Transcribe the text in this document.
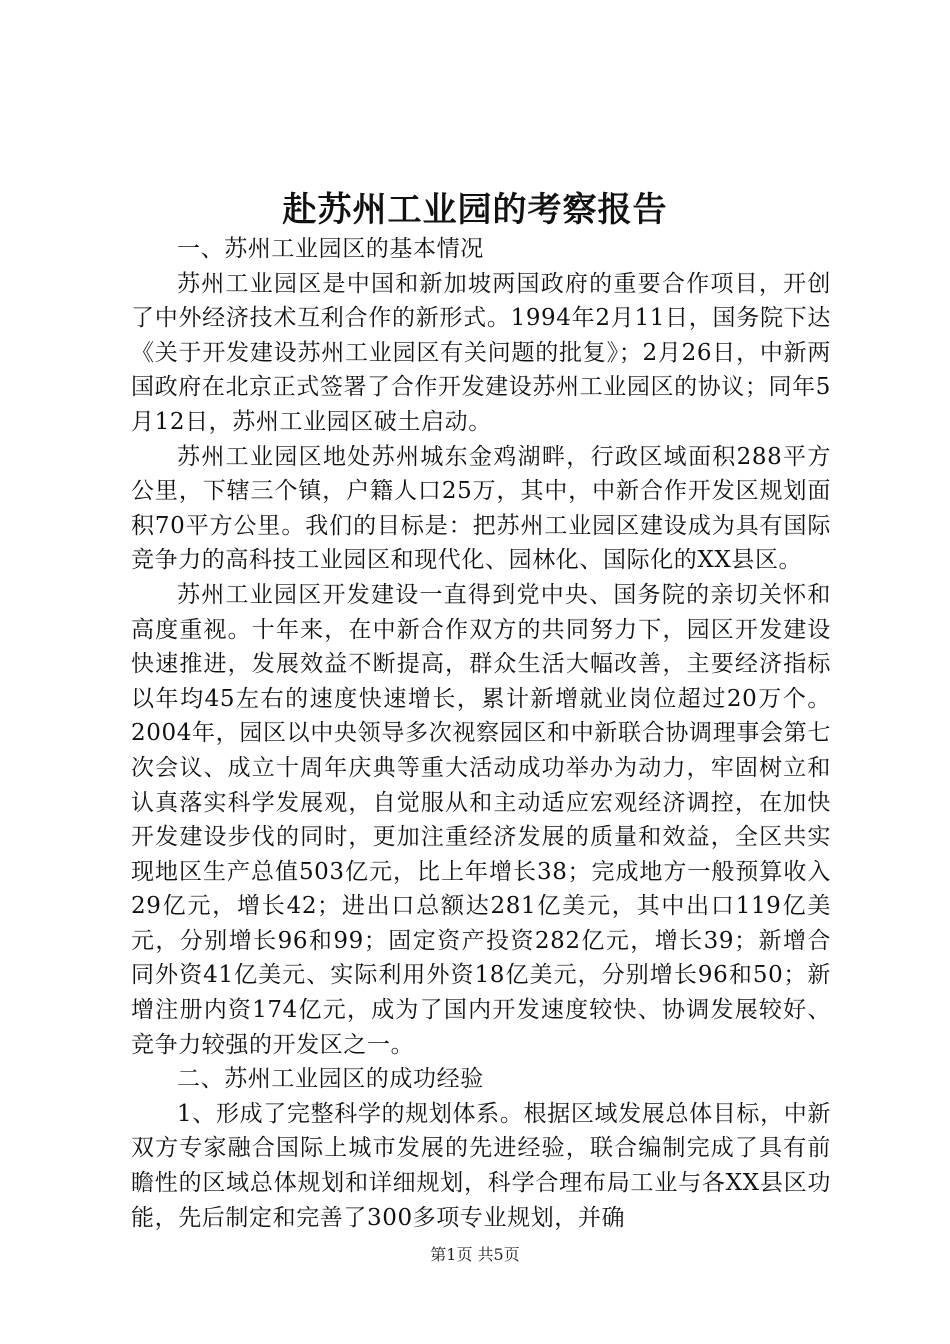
赴苏州工业园的考察报告

一、苏州工业园区的基本情况

苏州工业园区是中国和新加坡两国政府的重要合作项目，开创了中外经济技术互利合作的新形式。1994年2月11日，国务院下达《关于开发建设苏州工业园区有关问题的批复》；2月26日，中新两国政府在北京正式签署了合作开发建设苏州工业园区的协议；同年5月12日，苏州工业园区破土启动。

苏州工业园区地处苏州城东金鸡湖畔，行政区域面积288平方公里，下辖三个镇，户籍人口25万，其中，中新合作开发区规划面积70平方公里。我们的目标是：把苏州工业园区建设成为具有国际竞争力的高科技工业园区和现代化、园林化、国际化的XX县区。

苏州工业园区开发建设一直得到党中央、国务院的亲切关怀和高度重视。十年来，在中新合作双方的共同努力下，园区开发建设快速推进，发展效益不断提高，群众生活大幅改善，主要经济指标以年均45左右的速度快速增长，累计新增就业岗位超过20万个。2004年，园区以中央领导多次视察园区和中新联合协调理事会第七次会议、成立十周年庆典等重大活动成功举办为动力，牢固树立和认真落实科学发展观，自觉服从和主动适应宏观经济调控，在加快开发建设步伐的同时，更加注重经济发展的质量和效益，全区共实现地区生产总值503亿元，比上年增长38；完成地方一般预算收入29亿元，增长42；进出口总额达281亿美元，其中出口119亿美元，分别增长96和99；固定资产投资282亿元，增长39；新增合同外资41亿美元、实际利用外资18亿美元，分别增长96和50；新增注册内资174亿元，成为了国内开发速度较快、协调发展较好、竞争力较强的开发区之一。

二、苏州工业园区的成功经验

1、形成了完整科学的规划体系。根据区域发展总体目标，中新双方专家融合国际上城市发展的先进经验，联合编制完成了具有前瞻性的区域总体规划和详细规划，科学合理布局工业与各XX县区功能，先后制定和完善了300多项专业规划，并确

第1页 共5页
